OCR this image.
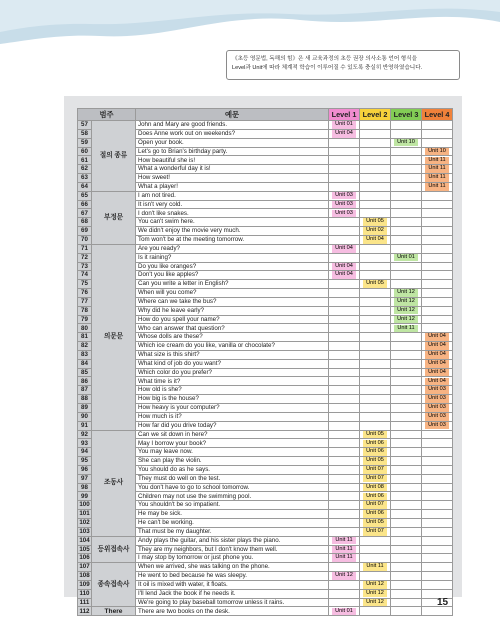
《초등 영문법, 독해의 힘》은 새 교육과정의 초등 권장 의사소통 언어 형식을
Level과 Unit에 따라 체계적 학습이 이루어질 수 있도록 충실히 반영하였습니다.
범주		예문	Level 1	Level 2	Level 3	Level 4
57	절의 종류	John and Mary are good friends.	Unit 01			

58		Does Anne work out on weekends?	Unit 04			

59		Open your book.			Unit 10	

60		Let's go to Brian's birthday party.				Unit 10

61		How beautiful she is!				Unit 11

62		What a wonderful day it is!				Unit 11

63		How sweet!				Unit 11

64		What a player!				Unit 11

65	부정문	I am not tired.	Unit 03			

66		It isn't very cold.	Unit 03			

67		I don't like snakes.	Unit 03			

68		You can't swim here.		Unit 05		

69		We didn't enjoy the movie very much.		Unit 02		

70		Tom won't be at the meeting tomorrow.		Unit 04		

71	의문문	Are you ready?	Unit 04			

72		Is it raining?			Unit 01	

73		Do you like oranges?	Unit 04			

74		Don't you like apples?	Unit 04			

75		Can you write a letter in English?		Unit 05		

76		When will you come?			Unit 12	

77		Where can we take the bus?			Unit 12	

78		Why did he leave early?			Unit 12	

79		How do you spell your name?			Unit 12	

80		Who can answer that question?			Unit 11	

81		Whose dolls are these?				Unit 04

82		Which ice cream do you like, vanilla or chocolate?				Unit 04

83		What size is this shirt?				Unit 04

84		What kind of job do you want?				Unit 04

85		Which color do you prefer?				Unit 04

86		What time is it?				Unit 04

87		How old is she?				Unit 03

88		How big is the house?				Unit 03

89		How heavy is your computer?				Unit 03

90		How much is it?				Unit 03

91		How far did you drive today?				Unit 03

92	조동사	Can we sit down in here?		Unit 05		

93		May I borrow your book?		Unit 06		

94		You may leave now.		Unit 06		

95		She can play the violin.		Unit 05		

96		You should do as he says.		Unit 07		

97		They must do well on the test.		Unit 07		

98		You don't have to go to school tomorrow.		Unit 08		

99		Children may not use the swimming pool.		Unit 06		

100		You shouldn't be so impatient.		Unit 07		

101		He may be sick.		Unit 06		

102		He can't be working.		Unit 05		

103		That must be my daughter.		Unit 07		

104	등위접속사	Andy plays the guitar, and his sister plays the piano.	Unit 11			

105		They are my neighbors, but I don't know them well.	Unit 11			

106		I may stop by tomorrow or just phone you.	Unit 11			

107	종속접속사	When we arrived, she was talking on the phone.		Unit 11		

108		He went to bed because he was sleepy.	Unit 12			

109		It oil is mixed with water, it floats.		Unit 12		

110		I'll lend Jack the book if he needs it.		Unit 12		

111		We're going to play baseball tomorrow unless it rains.		Unit 12		

112	There	There are two books on the desk.	Unit 01			

15
